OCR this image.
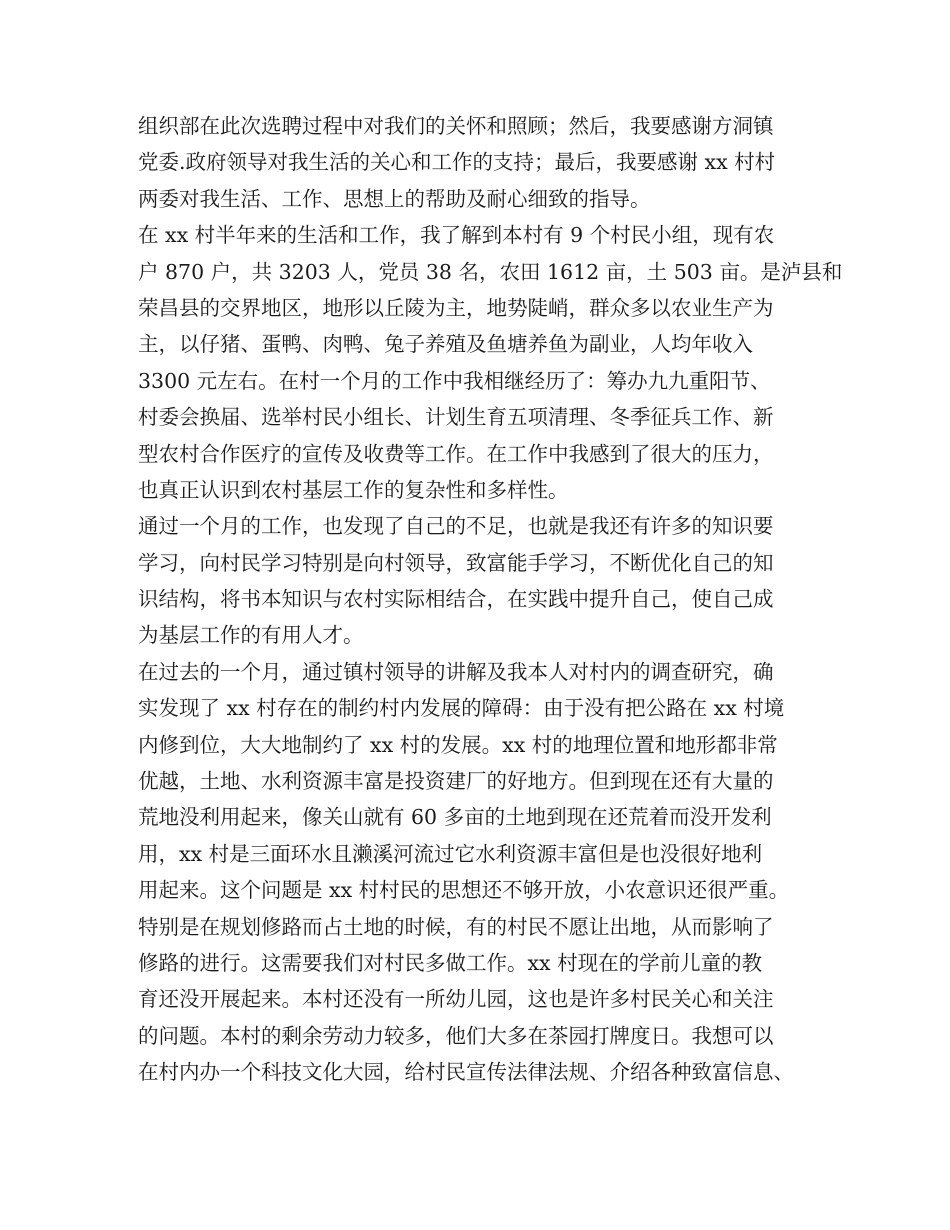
组织部在此次选聘过程中对我们的关怀和照顾；然后，我要感谢方洞镇
党委.政府领导对我生活的关心和工作的支持；最后，我要感谢 xx 村村
两委对我生活、工作、思想上的帮助及耐心细致的指导。
在 xx 村半年来的生活和工作，我了解到本村有 9 个村民小组，现有农
户 870 户，共 3203 人，党员 38 名，农田 1612 亩，土 503 亩。是泸县和
荣昌县的交界地区，地形以丘陵为主，地势陡峭，群众多以农业生产为
主，以仔猪、蛋鸭、肉鸭、兔子养殖及鱼塘养鱼为副业，人均年收入
3300 元左右。在村一个月的工作中我相继经历了：筹办九九重阳节、
村委会换届、选举村民小组长、计划生育五项清理、冬季征兵工作、新
型农村合作医疗的宣传及收费等工作。在工作中我感到了很大的压力，
也真正认识到农村基层工作的复杂性和多样性。
通过一个月的工作，也发现了自己的不足，也就是我还有许多的知识要
学习，向村民学习特别是向村领导，致富能手学习，不断优化自己的知
识结构，将书本知识与农村实际相结合，在实践中提升自己，使自己成
为基层工作的有用人才。
在过去的一个月，通过镇村领导的讲解及我本人对村内的调查研究，确
实发现了 xx 村存在的制约村内发展的障碍：由于没有把公路在 xx 村境
内修到位，大大地制约了 xx 村的发展。xx 村的地理位置和地形都非常
优越，土地、水利资源丰富是投资建厂的好地方。但到现在还有大量的
荒地没利用起来，像关山就有 60 多亩的土地到现在还荒着而没开发利
用，xx 村是三面环水且濑溪河流过它水利资源丰富但是也没很好地利
用起来。这个问题是 xx 村村民的思想还不够开放，小农意识还很严重。
特别是在规划修路而占土地的时候，有的村民不愿让出地，从而影响了
修路的进行。这需要我们对村民多做工作。xx 村现在的学前儿童的教
育还没开展起来。本村还没有一所幼儿园，这也是许多村民关心和关注
的问题。本村的剩余劳动力较多，他们大多在茶园打牌度日。我想可以
在村内办一个科技文化大园，给村民宣传法律法规、介绍各种致富信息、
